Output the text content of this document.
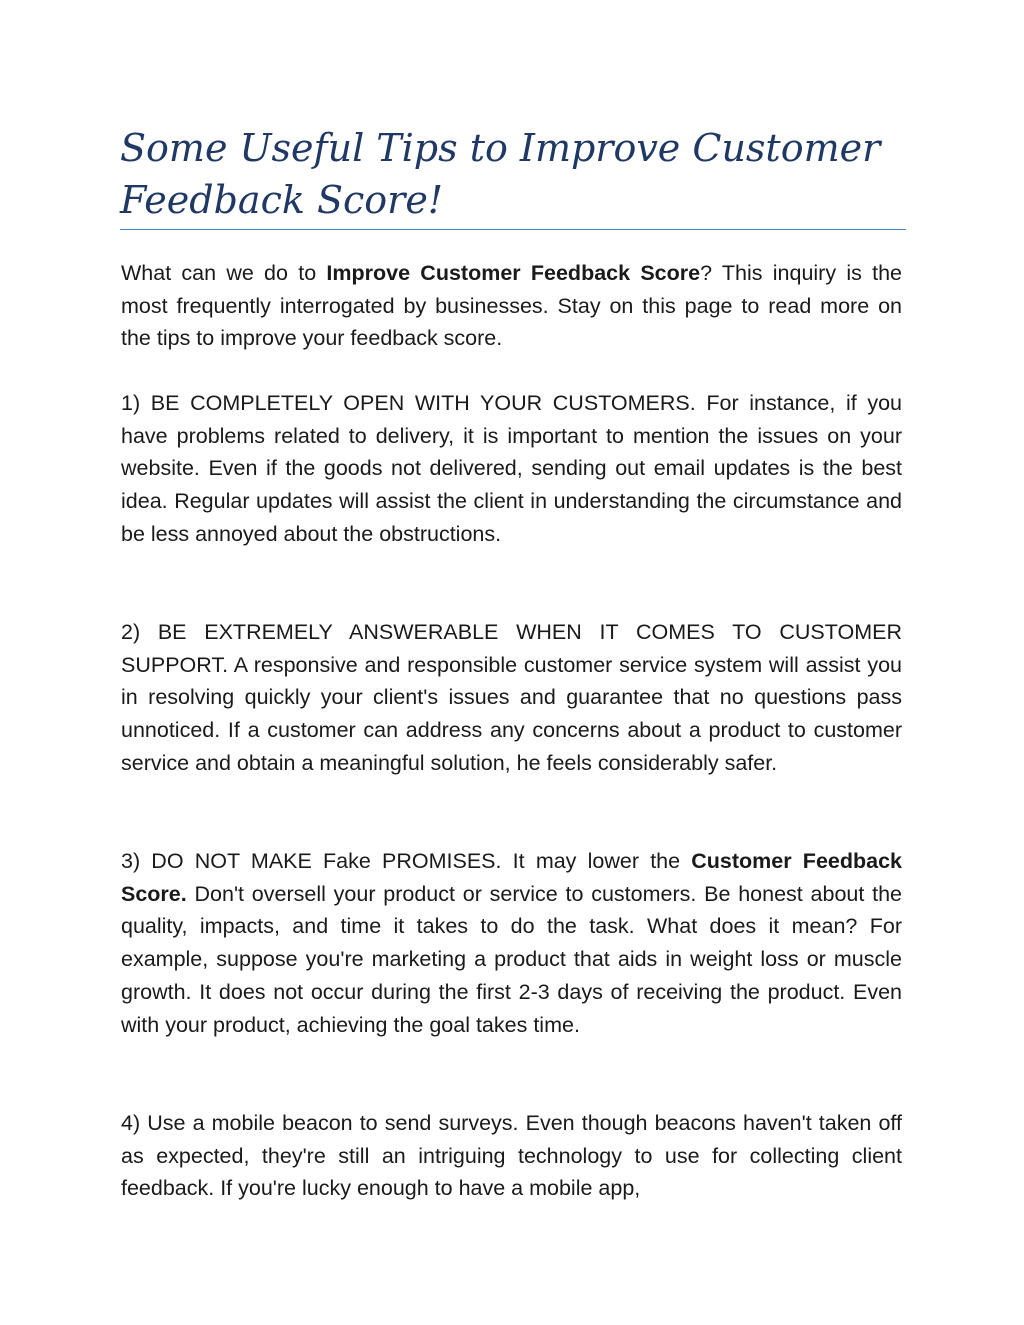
Some Useful Tips to Improve Customer Feedback Score!

What can we do to Improve Customer Feedback Score? This inquiry is the most frequently interrogated by businesses. Stay on this page to read more on the tips to improve your feedback score.

1) BE COMPLETELY OPEN WITH YOUR CUSTOMERS. For instance, if you have problems related to delivery, it is important to mention the issues on your website. Even if the goods not delivered, sending out email updates is the best idea. Regular updates will assist the client in understanding the circumstance and be less annoyed about the obstructions.

2) BE EXTREMELY ANSWERABLE WHEN IT COMES TO CUSTOMER SUPPORT. A responsive and responsible customer service system will assist you in resolving quickly your client's issues and guarantee that no questions pass unnoticed. If a customer can address any concerns about a product to customer service and obtain a meaningful solution, he feels considerably safer.

3) DO NOT MAKE Fake PROMISES. It may lower the Customer Feedback Score. Don't oversell your product or service to customers. Be honest about the quality, impacts, and time it takes to do the task. What does it mean? For example, suppose you're marketing a product that aids in weight loss or muscle growth. It does not occur during the first 2-3 days of receiving the product. Even with your product, achieving the goal takes time.

4) Use a mobile beacon to send surveys. Even though beacons haven't taken off as expected, they're still an intriguing technology to use for collecting client feedback. If you're lucky enough to have a mobile app,
